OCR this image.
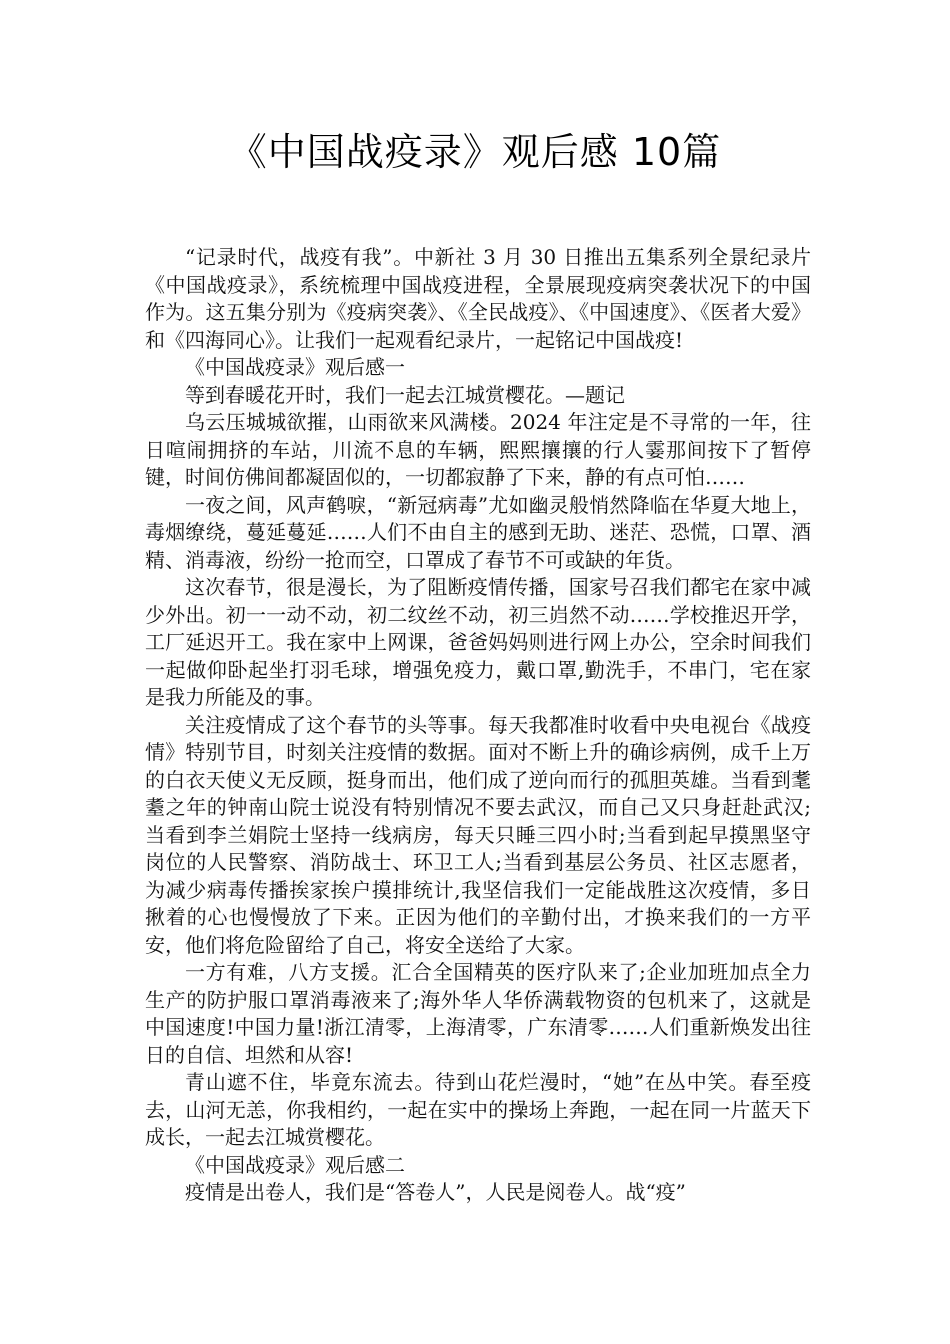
《中国战疫录》观后感 10篇

“记录时代，战疫有我”。中新社 3 月 30 日推出五集系列全景纪录片《中国战疫录》，系统梳理中国战疫进程，全景展现疫病突袭状况下的中国作为。这五集分别为《疫病突袭》、《全民战疫》、《中国速度》、《医者大爱》和《四海同心》。让我们一起观看纪录片，一起铭记中国战疫!

《中国战疫录》观后感一

等到春暖花开时，我们一起去江城赏樱花。—题记

乌云压城城欲摧，山雨欲来风满楼。2024 年注定是不寻常的一年，往日喧闹拥挤的车站，川流不息的车辆，熙熙攘攘的行人霎那间按下了暂停键，时间仿佛间都凝固似的，一切都寂静了下来，静的有点可怕……

一夜之间，风声鹤唳，“新冠病毒”尤如幽灵般悄然降临在华夏大地上，毒烟缭绕，蔓延蔓延……人们不由自主的感到无助、迷茫、恐慌，口罩、酒精、消毒液，纷纷一抢而空，口罩成了春节不可或缺的年货。

这次春节，很是漫长，为了阻断疫情传播，国家号召我们都宅在家中减少外出。初一一动不动，初二纹丝不动，初三岿然不动……学校推迟开学，工厂延迟开工。我在家中上网课，爸爸妈妈则进行网上办公，空余时间我们一起做仰卧起坐打羽毛球，增强免疫力，戴口罩,勤洗手，不串门，宅在家是我力所能及的事。

关注疫情成了这个春节的头等事。每天我都准时收看中央电视台《战疫情》特别节目，时刻关注疫情的数据。面对不断上升的确诊病例，成千上万的白衣天使义无反顾，挺身而出，他们成了逆向而行的孤胆英雄。当看到耄耋之年的钟南山院士说没有特别情况不要去武汉，而自己又只身赶赴武汉;当看到李兰娟院士坚持一线病房，每天只睡三四小时;当看到起早摸黑坚守岗位的人民警察、消防战士、环卫工人;当看到基层公务员、社区志愿者，为减少病毒传播挨家挨户摸排统计,我坚信我们一定能战胜这次疫情，多日揪着的心也慢慢放了下来。正因为他们的辛勤付出，才换来我们的一方平安，他们将危险留给了自己，将安全送给了大家。

一方有难，八方支援。汇合全国精英的医疗队来了;企业加班加点全力生产的防护服口罩消毒液来了;海外华人华侨满载物资的包机来了，这就是中国速度!中国力量!浙江清零，上海清零，广东清零……人们重新焕发出往日的自信、坦然和从容!

青山遮不住，毕竟东流去。待到山花烂漫时，“她”在丛中笑。春至疫去，山河无恙，你我相约，一起在实中的操场上奔跑，一起在同一片蓝天下成长，一起去江城赏樱花。

《中国战疫录》观后感二

疫情是出卷人，我们是“答卷人”，人民是阅卷人。战“疫”
